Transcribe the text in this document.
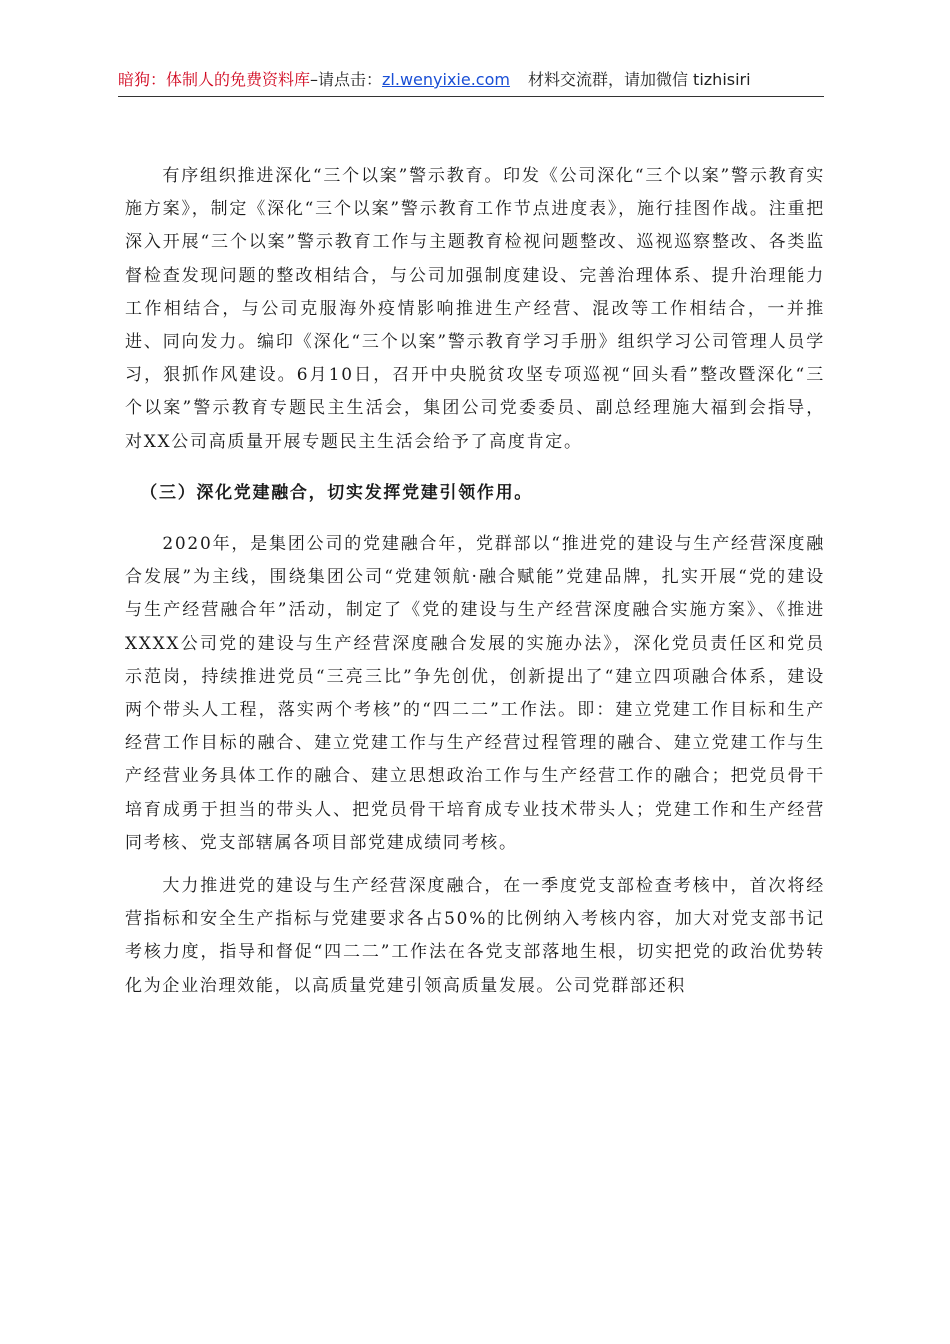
暗狗：体制人的免费资料库–请点击：zl.wenyixie.com 材料交流群，请加微信 tizhisiri

有序组织推进深化“三个以案”警示教育。印发《公司深化“三个以案”警示教育实施方案》，制定《深化“三个以案”警示教育工作节点进度表》，施行挂图作战。注重把深入开展“三个以案”警示教育工作与主题教育检视问题整改、巡视巡察整改、各类监督检查发现问题的整改相结合，与公司加强制度建设、完善治理体系、提升治理能力工作相结合，与公司克服海外疫情影响推进生产经营、混改等工作相结合，一并推进、同向发力。编印《深化“三个以案”警示教育学习手册》组织学习公司管理人员学习，狠抓作风建设。6月10日，召开中央脱贫攻坚专项巡视“回头看”整改暨深化“三个以案”警示教育专题民主生活会，集团公司党委委员、副总经理施大福到会指导，对XX公司高质量开展专题民主生活会给予了高度肯定。

（三）深化党建融合，切实发挥党建引领作用。

2020年，是集团公司的党建融合年，党群部以“推进党的建设与生产经营深度融合发展”为主线，围绕集团公司“党建领航·融合赋能”党建品牌，扎实开展“党的建设与生产经营融合年”活动，制定了《党的建设与生产经营深度融合实施方案》、《推进XXXX公司党的建设与生产经营深度融合发展的实施办法》，深化党员责任区和党员示范岗，持续推进党员“三亮三比”争先创优，创新提出了“建立四项融合体系，建设两个带头人工程，落实两个考核”的“四二二”工作法。即：建立党建工作目标和生产经营工作目标的融合、建立党建工作与生产经营过程管理的融合、建立党建工作与生产经营业务具体工作的融合、建立思想政治工作与生产经营工作的融合；把党员骨干培育成勇于担当的带头人、把党员骨干培育成专业技术带头人；党建工作和生产经营同考核、党支部辖属各项目部党建成绩同考核。

大力推进党的建设与生产经营深度融合，在一季度党支部检查考核中，首次将经营指标和安全生产指标与党建要求各占50%的比例纳入考核内容，加大对党支部书记考核力度，指导和督促“四二二”工作法在各党支部落地生根，切实把党的政治优势转化为企业治理效能，以高质量党建引领高质量发展。公司党群部还积
